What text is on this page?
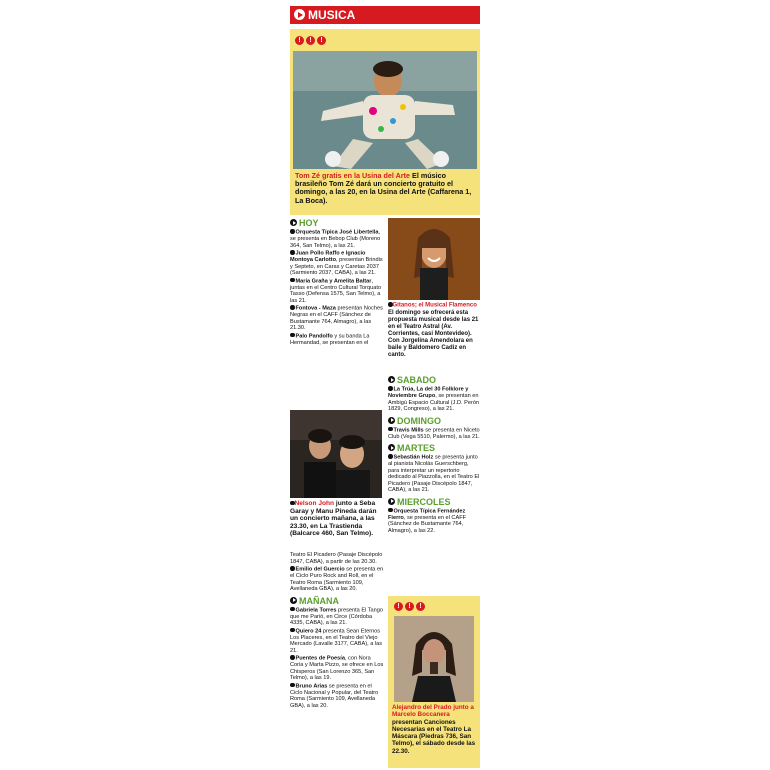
MUSICA
!	!	!
Tom Zé gratis en la Usina del Arte El músico brasileño Tom Zé dará un concierto gratuito el domingo, a las 20, en la Usina del Arte (Caffarena 1, La Boca).
HOY
Orquesta Típica José Libertella, se presenta en Bebop Club (Moreno 364, San Telmo), a las 21.
Juan Pollo Raffo e Ignacio Montoya Carlotto, presentan Brindis y Septeto, en Caras y Caretas 2037 (Sarmiento 2037, CABA), a las 21.
María Graña y Amelita Baltar, juntas en el Centro Cultural Torquato Tasso (Defensa 1575, San Telmo), a las 21.
Fontova - Maza presentan Noches Negras en el CAFF (Sánchez de Bustamante 764, Almagro), a las 21.30.
Palo Pandolfo y su banda La Hermandad, se presentan en el
Nelson John junto a Seba Garay y Manu Pineda darán un concierto mañana, a las 23.30, en La Trastienda (Balcarce 460, San Telmo).
Teatro El Picadero (Pasaje Discépolo 1847, CABA), a partir de las 20.30.
Emilio del Guercio se presenta en el Ciclo Puro Rock and Roll, en el Teatro Roma (Sarmiento 109, Avellaneda GBA), a las 20.
MAÑANA
Gabriela Torres presenta El Tango que me Parió, en Circe (Córdoba 4335, CABA), a las 21.
Quiero 24 presenta Sean Eternos Los Placeres, en el Teatro del Viejo Mercado (Lavalle 3177, CABA), a las 21.
Puentes de Poesía, con Nora Coria y Marta Pizzo, se ofrece en Los Chisperos (San Lorenzo 365, San Telmo), a las 19.
Bruno Arias se presenta en el Ciclo Nacional y Popular, del Teatro Roma (Sarmiento 109, Avellaneda GBA), a las 20.
Gitanos; el Musical Flamenco El domingo se ofrecerá esta propuesta musical desde las 21 en el Teatro Astral (Av. Corrientes, casi Montevideo). Con Jorgelina Amendolara en baile y Baldomero Cadiz en canto.
SABADO
La Trúa, La del 30 Folklore y Noviembre Grupo, se presentan en Ambigú Espacio Cultural (J.D. Perón 1829, Congreso), a las 21.
DOMINGO
Travis Mills se presenta en Niceto Club (Vega 5510, Palermo), a las 21.
MARTES
Sebastián Holz se presenta junto al pianista Nicolás Guerschberg, para interpretar un repertorio dedicado al Piazzolla, en el Teatro El Picadero (Pasaje Discépolo 1847, CABA), a las 21.
MIERCOLES
Orquesta Típica Fernández Fierro, se presenta en el CAFF (Sánchez de Bustamante 764, Almagro), a las 22.
!	!	!
Alejandro del Prado junto a Marcelo Boccanera presentan Canciones Necesarias en el Teatro La Máscara (Piedras 736, San Telmo), el sábado desde las 22.30.
